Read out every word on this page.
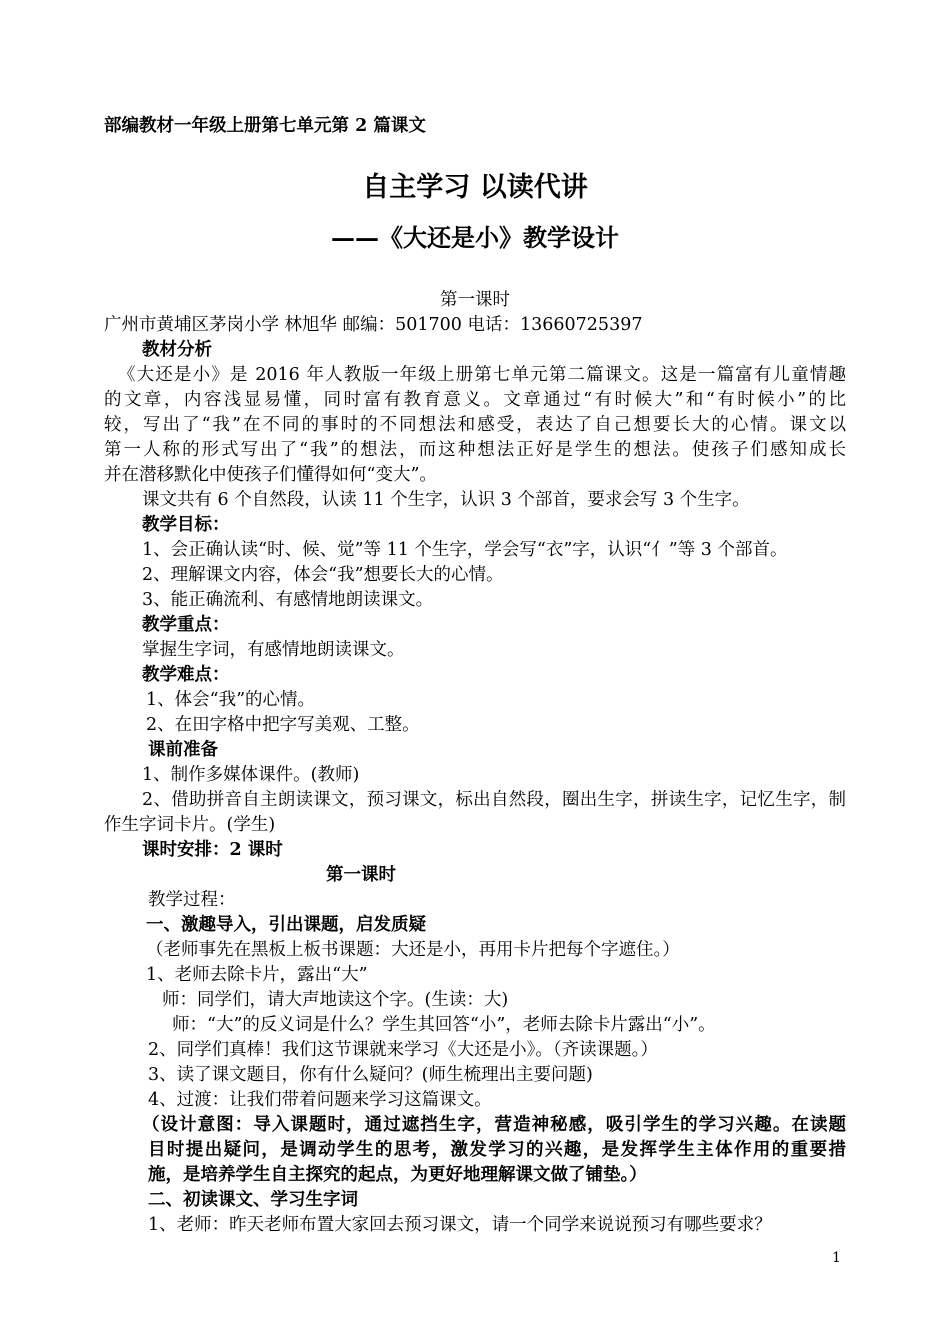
部编教材一年级上册第七单元第 2 篇课文
自主学习 以读代讲
——《大还是小》教学设计
第一课时
广州市黄埔区茅岗小学 林旭华 邮编：501700 电话：13660725397
教材分析
《大还是小》是 2016 年人教版一年级上册第七单元第二篇课文。这是一篇富有儿童情趣
的文章，内容浅显易懂，同时富有教育意义。文章通过“有时候大”和“有时候小”的比
较，写出了“我”在不同的事时的不同想法和感受，表达了自己想要长大的心情。课文以
第一人称的形式写出了“我”的想法，而这种想法正好是学生的想法。使孩子们感知成长
并在潜移默化中使孩子们懂得如何“变大”。
课文共有 6 个自然段，认读 11 个生字，认识 3 个部首，要求会写 3 个生字。
教学目标：
1、会正确认读“时、候、觉”等 11 个生字，学会写“衣”字，认识“亻”等 3 个部首。
2、理解课文内容，体会“我”想要长大的心情。
3、能正确流利、有感情地朗读课文。
教学重点：
掌握生字词，有感情地朗读课文。
教学难点：
1、体会“我”的心情。
2、在田字格中把字写美观、工整。
课前准备
1、制作多媒体课件。(教师)
2、借助拼音自主朗读课文，预习课文，标出自然段，圈出生字，拼读生字，记忆生字，制
作生字词卡片。(学生)
课时安排：2 课时
第一课时
教学过程：
一、激趣导入，引出课题，启发质疑
（老师事先在黑板上板书课题：大还是小，再用卡片把每个字遮住。）
1、老师去除卡片，露出“大”
师：同学们，请大声地读这个字。(生读：大)
师：“大”的反义词是什么？学生其回答“小”，老师去除卡片露出“小”。
2、同学们真棒！我们这节课就来学习《大还是小》。（齐读课题。）
3、读了课文题目，你有什么疑问？(师生梳理出主要问题)
4、过渡：让我们带着问题来学习这篇课文。
（设计意图：导入课题时，通过遮挡生字，营造神秘感，吸引学生的学习兴趣。在读题
目时提出疑问，是调动学生的思考，激发学习的兴趣，是发挥学生主体作用的重要措
施，是培养学生自主探究的起点，为更好地理解课文做了铺垫。）
二、初读课文、学习生字词
1、老师：昨天老师布置大家回去预习课文，请一个同学来说说预习有哪些要求？
1
